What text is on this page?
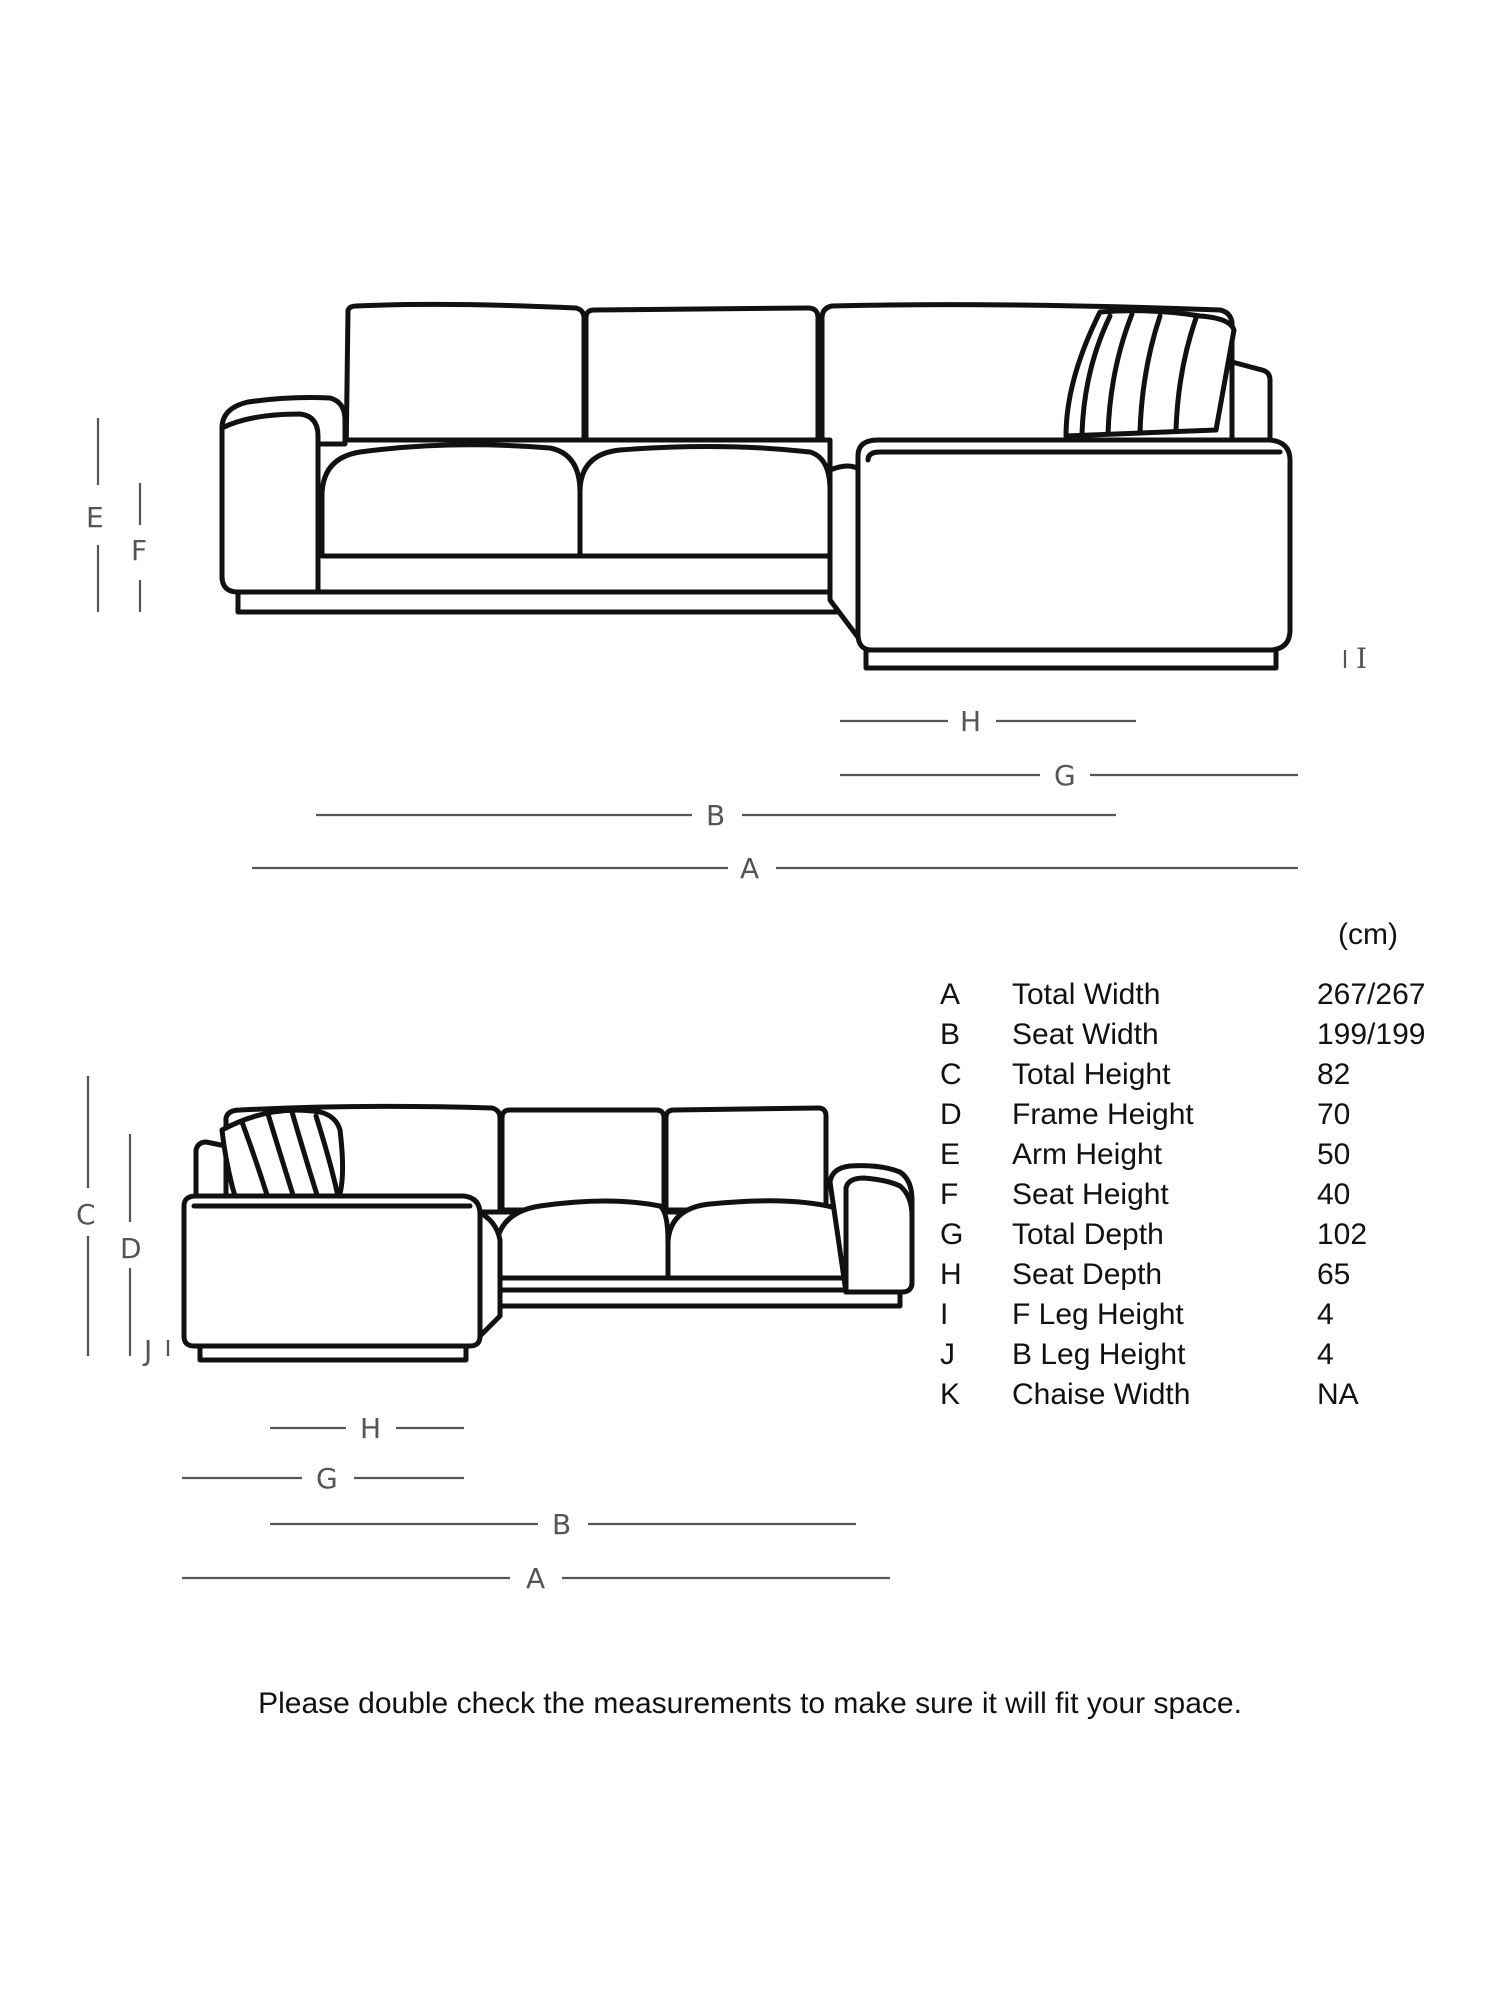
E
F
I
H
G
B
A
C
D
J
H
G
B
A
(cm)
A	Total Width	267/267
B	Seat Width	199/199
C	Total Height	82
D	Frame Height	70
E	Arm Height	50
F	Seat Height	40
G	Total Depth	102
H	Seat Depth	65
I	F Leg Height	4
J	B Leg Height	4
K	Chaise Width	NA
Please double check the measurements to make sure it will fit your space.
